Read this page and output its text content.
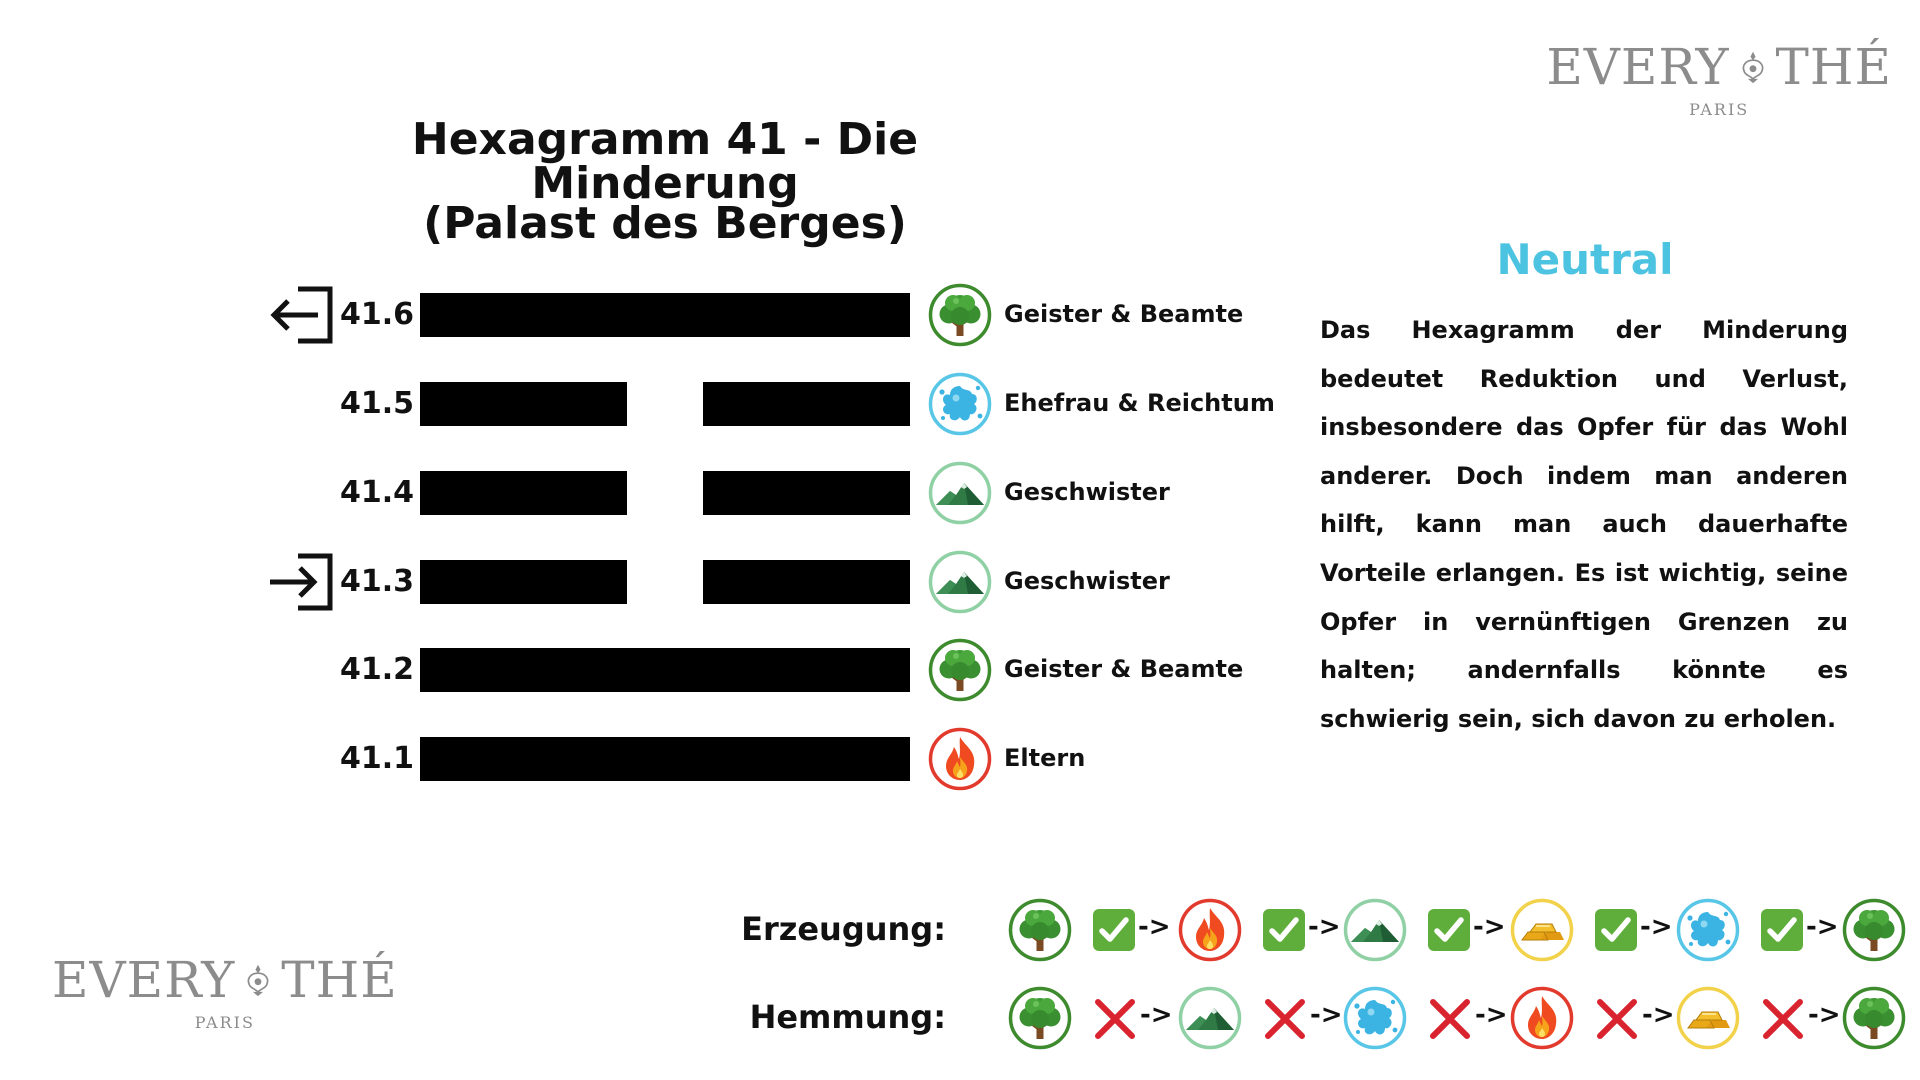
EVERY THÉ
PARIS
EVERY THÉ
PARIS
Hexagramm 41 - Die Minderung
(Palast des Berges)
41.6	Geister & Beamte
41.5	Ehefrau & Reichtum
41.4	Geschwister
41.3	Geschwister
41.2	Geister & Beamte
41.1	Eltern
Neutral
Das Hexagramm der Minderung bedeutet Reduktion und Verlust, insbesondere das Opfer für das Wohl anderer. Doch indem man anderen hilft, kann man auch dauerhafte Vorteile erlangen. Es ist wichtig, seine Opfer in vernünftigen Grenzen zu halten; andernfalls könnte es schwierig sein, sich davon zu erholen.
Erzeugung:
Hemmung:
->	->	->	->	->
->	->	->	->	->
